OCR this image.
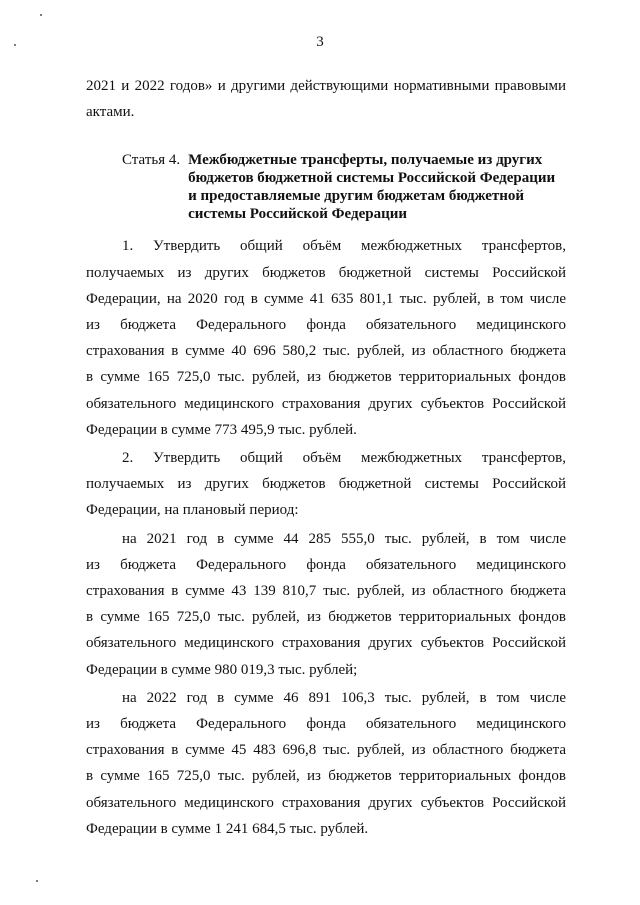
3

2021 и 2022 годов» и другими действующими нормативными правовыми

актами.

Статья 4. Межбюджетные трансферты, получаемые из других бюджетов бюджетной системы Российской Федерации и предоставляемые другим бюджетам бюджетной системы Российской Федерации

1. Утвердить общий объём межбюджетных трансфертов,

получаемых из других бюджетов бюджетной системы Российской

Федерации, на 2020 год в сумме 41 635 801,1 тыс. рублей, в том числе

из бюджета Федерального фонда обязательного медицинского

страхования в сумме 40 696 580,2 тыс. рублей, из областного бюджета

в сумме 165 725,0 тыс. рублей, из бюджетов территориальных фондов

обязательного медицинского страхования других субъектов Российской

Федерации в сумме 773 495,9 тыс. рублей.

2. Утвердить общий объём межбюджетных трансфертов,

получаемых из других бюджетов бюджетной системы Российской

Федерации, на плановый период:

на 2021 год в сумме 44 285 555,0 тыс. рублей, в том числе

из бюджета Федерального фонда обязательного медицинского

страхования в сумме 43 139 810,7 тыс. рублей, из областного бюджета

в сумме 165 725,0 тыс. рублей, из бюджетов территориальных фондов

обязательного медицинского страхования других субъектов Российской

Федерации в сумме 980 019,3 тыс. рублей;

на 2022 год в сумме 46 891 106,3 тыс. рублей, в том числе

из бюджета Федерального фонда обязательного медицинского

страхования в сумме 45 483 696,8 тыс. рублей, из областного бюджета

в сумме 165 725,0 тыс. рублей, из бюджетов территориальных фондов

обязательного медицинского страхования других субъектов Российской

Федерации в сумме 1 241 684,5 тыс. рублей.
